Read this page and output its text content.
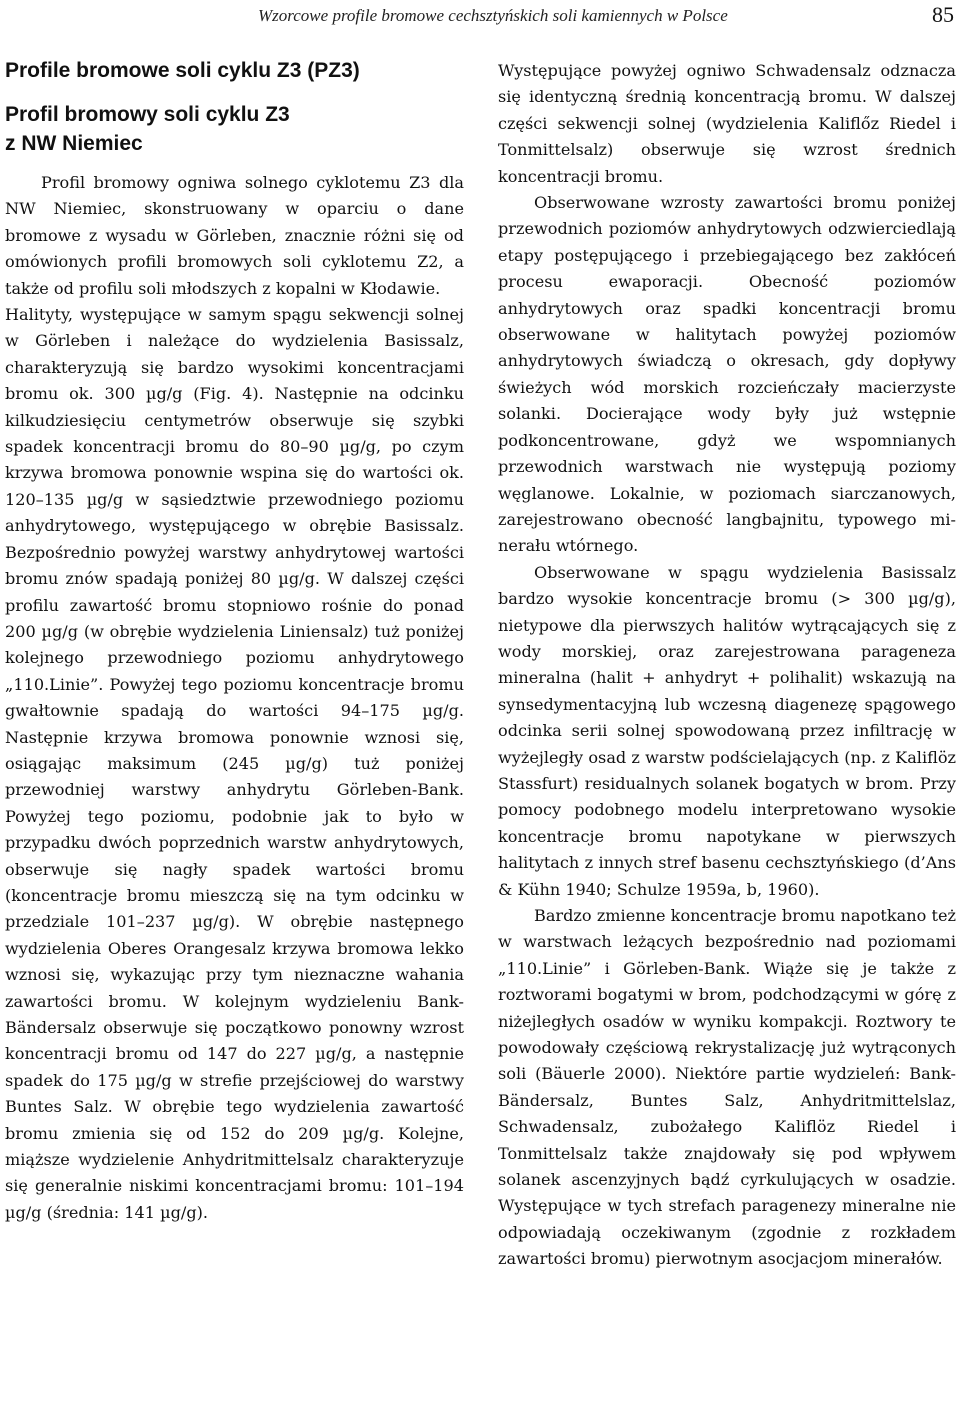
Wzorcowe profile bromowe cechsztyńskich soli kamiennych w Polsce	85
Profile bromowe soli cyklu Z3 (PZ3)
Profil bromowy soli cyklu Z3
z NW Niemiec

Profil bromowy ogniwa solnego cyklotemu Z3 dla NW Niemiec, skonstruowany w oparciu o dane bromowe z wysadu w Görleben, znacznie różni się od omówionych profili bromowych soli cyklotemu Z2, a także od profilu soli młodszych z kopalni w Kłodawie.

Halityty, występujące w samym spągu sekwencji solnej w Görleben i należące do wydzielenia Basissalz, charakteryzują się bardzo wysokimi koncentracjami bromu ok. 300 µg/g (Fig. 4). Następnie na odcinku kilkudziesięciu centymetrów obserwuje się szybki spadek koncentracji bromu do 80–90 µg/g, po czym krzywa bromowa ponownie wspina się do wartości ok. 120–135 µg/g w sąsiedztwie przewodniego poziomu anhydrytowego, występującego w obrębie Basissalz. Bezpośrednio powyżej warstwy anhydrytowej wartości bromu znów spadają poniżej 80 µg/g. W dalszej części profilu zawartość bromu stopniowo rośnie do ponad 200 µg/g (w obrębie wydzielenia Liniensalz) tuż poniżej kolejnego przewodniego poziomu anhydrytowego „110.Linie”. Powyżej tego poziomu koncentracje bromu gwałtownie spadają do wartości 94–175 µg/g. Następnie krzywa bromowa ponownie wznosi się, osiągając maksimum (245 µg/g) tuż poniżej przewodniej warstwy anhydrytu Görleben-Bank. Powyżej tego poziomu, podobnie jak to było w przypadku dwóch poprzednich warstw anhydrytowych, obserwuje się nagły spadek wartości bromu (koncentracje bromu mieszczą się na tym odcinku w przedziale 101–237 µg/g). W obrębie następnego wydzielenia Oberes Orangesalz krzywa bromowa lekko wznosi się, wykazując przy tym nieznaczne wahania zawartości bromu. W kolejnym wydzieleniu Bank-Bändersalz obserwuje się początkowo ponowny wzrost koncentracji bromu od 147 do 227 µg/g, a następnie spadek do 175 µg/g w strefie przejściowej do warstwy Buntes Salz. W obrębie tego wydzielenia zawartość bromu zmienia się od 152 do 209 µg/g. Kolejne, miąższe wydzielenie Anhydritmittelsalz charakteryzuje się generalnie niskimi koncentracjami bromu: 101–194 µg/g (średnia: 141 µg/g).

Występujące powyżej ogniwo Schwadensalz odznacza się identyczną średnią koncentracją bromu. W dalszej części sekwencji solnej (wydzielenia Kaliflőz Riedel i Tonmittelsalz) obserwuje się wzrost średnich koncentracji bromu.

Obserwowane wzrosty zawartości bromu poniżej przewodnich poziomów anhydrytowych odzwierciedlają etapy postępującego i przebiegającego bez zakłóceń procesu ewaporacji. Obecność poziomów anhydrytowych oraz spadki koncentracji bromu obserwowane w halitytach powyżej poziomów anhydrytowych świadczą o okresach, gdy dopływy świeżych wód morskich rozcieńczały macierzyste solanki. Docierające wody były już wstępnie podkoncentrowane, gdyż we wspomnianych przewodnich warstwach nie występują poziomy węglanowe. Lokalnie, w poziomach siarczanowych, zarejestrowano obecność langbajnitu, typowego minerału wtórnego.

Obserwowane w spągu wydzielenia Basissalz bardzo wysokie koncentracje bromu (> 300 µg/g), nietypowe dla pierwszych halitów wytrącających się z wody morskiej, oraz zarejestrowana parageneza mineralna (halit + anhydryt + polihalit) wskazują na synsedymentacyjną lub wczesną diagenezę spągowego odcinka serii solnej spowodowaną przez infiltrację w wyżejległy osad z warstw podścielających (np. z Kaliflöz Stassfurt) residualnych solanek bogatych w brom. Przy pomocy podobnego modelu interpretowano wysokie koncentracje bromu napotykane w pierwszych halitytach z innych stref basenu cechsztyńskiego (d’Ans & Kühn 1940; Schulze 1959a, b, 1960).

Bardzo zmienne koncentracje bromu napotkano też w warstwach leżących bezpośrednio nad poziomami „110.Linie” i Görleben-Bank. Wiąże się je także z roztworami bogatymi w brom, podchodzącymi w górę z niżejległych osadów w wyniku kompakcji. Roztwory te powodowały częściową rekrystalizację już wytrąconych soli (Bäuerle 2000). Niektóre partie wydzieleń: Bank-Bändersalz, Buntes Salz, Anhydritmittelslaz, Schwadensalz, zubożałego Kaliflöz Riedel i Tonmittelsalz także znajdowały się pod wpływem solanek ascenzyjnych bądź cyrkulujących w osadzie. Występujące w tych strefach paragenezy mineralne nie odpowiadają oczekiwanym (zgodnie z rozkładem zawartości bromu) pierwotnym asocjacjom minerałów.
